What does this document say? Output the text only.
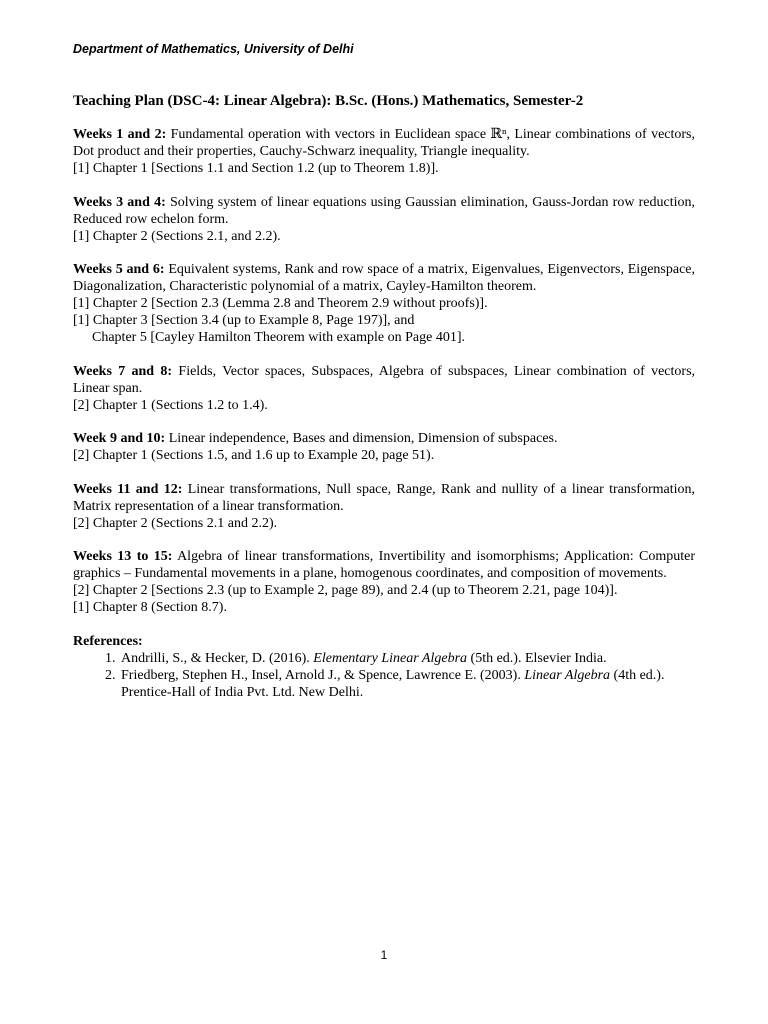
Department of Mathematics, University of Delhi
Teaching Plan (DSC-4: Linear Algebra): B.Sc. (Hons.) Mathematics, Semester-2

Weeks 1 and 2: Fundamental operation with vectors in Euclidean space ℝⁿ, Linear combinations of vectors, Dot product and their properties, Cauchy-Schwarz inequality, Triangle inequality.

[1] Chapter 1 [Sections 1.1 and Section 1.2 (up to Theorem 1.8)].

Weeks 3 and 4: Solving system of linear equations using Gaussian elimination, Gauss-Jordan row reduction, Reduced row echelon form.

[1] Chapter 2 (Sections 2.1, and 2.2).

Weeks 5 and 6: Equivalent systems, Rank and row space of a matrix, Eigenvalues, Eigenvectors, Eigenspace, Diagonalization, Characteristic polynomial of a matrix, Cayley-Hamilton theorem.

[1] Chapter 2 [Section 2.3 (Lemma 2.8 and Theorem 2.9 without proofs)].

[1] Chapter 3 [Section 3.4 (up to Example 8, Page 197)], and

Chapter 5 [Cayley Hamilton Theorem with example on Page 401].

Weeks 7 and 8: Fields, Vector spaces, Subspaces, Algebra of subspaces, Linear combination of vectors, Linear span.

[2] Chapter 1 (Sections 1.2 to 1.4).

Week 9 and 10: Linear independence, Bases and dimension, Dimension of subspaces.

[2] Chapter 1 (Sections 1.5, and 1.6 up to Example 20, page 51).

Weeks 11 and 12: Linear transformations, Null space, Range, Rank and nullity of a linear transformation, Matrix representation of a linear transformation.

[2] Chapter 2 (Sections 2.1 and 2.2).

Weeks 13 to 15: Algebra of linear transformations, Invertibility and isomorphisms; Application: Computer graphics – Fundamental movements in a plane, homogenous coordinates, and composition of movements.

[2] Chapter 2 [Sections 2.3 (up to Example 2, page 89), and 2.4 (up to Theorem 2.21, page 104)].

[1] Chapter 8 (Section 8.7).

References:

1. Andrilli, S., & Hecker, D. (2016). Elementary Linear Algebra (5th ed.). Elsevier India.
2. Friedberg, Stephen H., Insel, Arnold J., & Spence, Lawrence E. (2003). Linear Algebra (4th ed.). Prentice-Hall of India Pvt. Ltd. New Delhi.
1
